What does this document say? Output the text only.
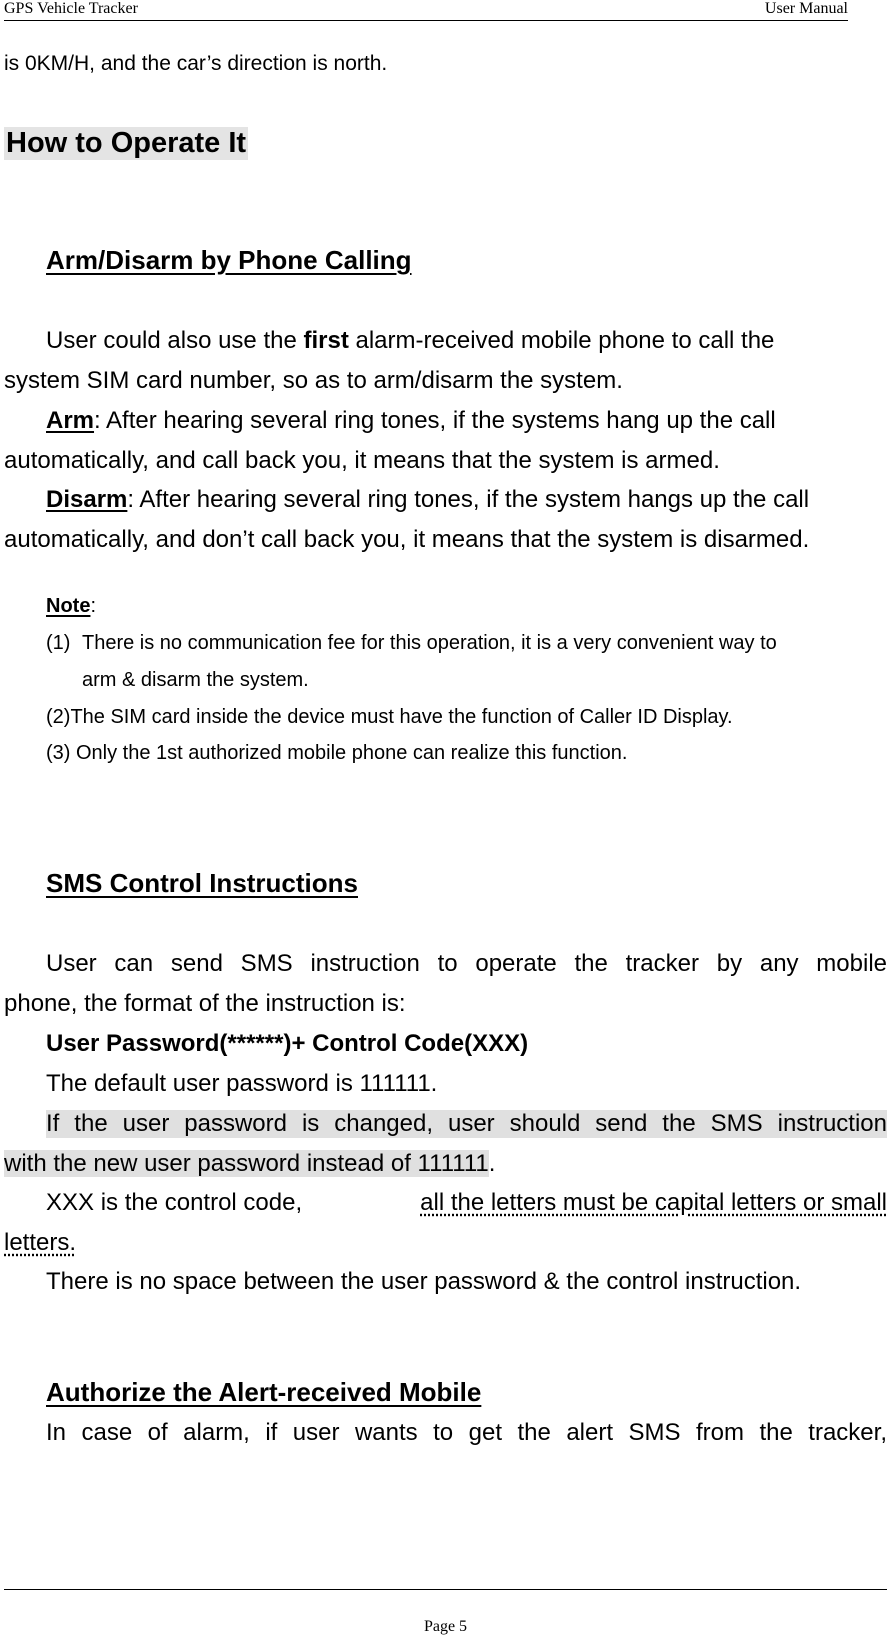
GPS Vehicle Tracker	User Manual
is 0KM/H, and the car’s direction is north.
How to Operate It
Arm/Disarm by Phone Calling
User could also use the first alarm-received mobile phone to call the
system SIM card number, so as to arm/disarm the system.
Arm: After hearing several ring tones, if the systems hang up the call
automatically, and call back you, it means that the system is armed.
Disarm: After hearing several ring tones, if the system hangs up the call
automatically, and don’t call back you, it means that the system is disarmed.
Note:
(1) There is no communication fee for this operation, it is a very convenient way to
arm & disarm the system.
(2)The SIM card inside the device must have the function of Caller ID Display.
(3) Only the 1st authorized mobile phone can realize this function.
SMS Control Instructions
User can send SMS instruction to operate the tracker by any mobile
phone, the format of the instruction is:
User Password(******)+ Control Code(XXX)
The default user password is 111111.
If the user password is changed, user should send the SMS instruction
with the new user password instead of 111111.
XXX is the control code,	all the letters must be capital letters or small
letters.
There is no space between the user password & the control instruction.
Authorize the Alert-received Mobile
In case of alarm, if user wants to get the alert SMS from the tracker,
Page 5
